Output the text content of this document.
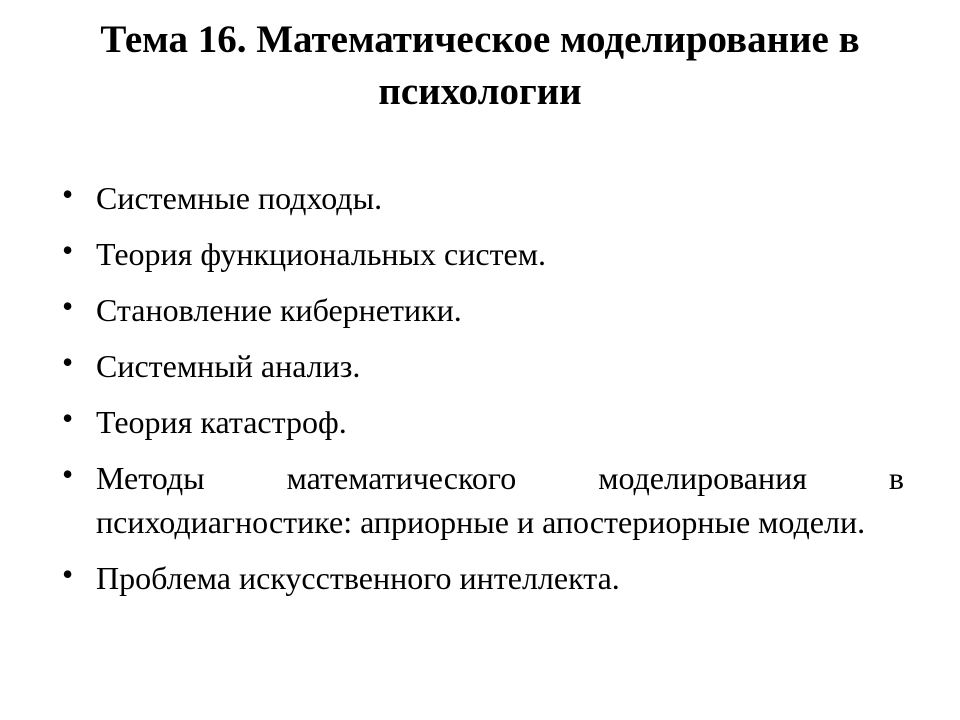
Тема 16. Математическое моделирование в психологии
• Системные подходы.
• Теория функциональных систем.
• Становление кибернетики.
• Системный анализ.
• Теория катастроф.
• Методы математического моделирования в психодиагностике: априорные и апостериорные модели.
• Проблема искусственного интеллекта.
